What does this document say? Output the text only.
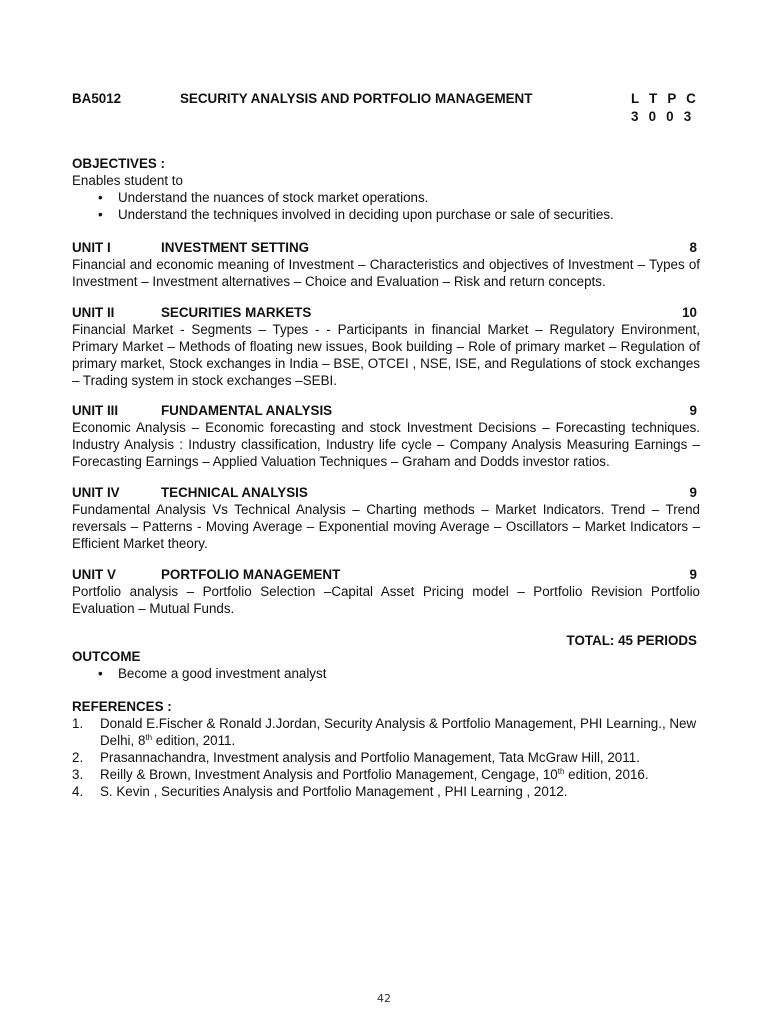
BA5012	SECURITY ANALYSIS AND PORTFOLIO MANAGEMENT	L T P C
3 0 0 3
OBJECTIVES :
Enables student to
• Understand the nuances of stock market operations.
• Understand the techniques involved in deciding upon purchase or sale of securities.
UNIT I	INVESTMENT SETTING	8
Financial and economic meaning of Investment – Characteristics and objectives of Investment – Types of Investment – Investment alternatives – Choice and Evaluation – Risk and return concepts.
UNIT II	SECURITIES MARKETS	10
Financial Market - Segments – Types - - Participants in financial Market – Regulatory Environment, Primary Market – Methods of floating new issues, Book building – Role of primary market – Regulation of primary market, Stock exchanges in India – BSE, OTCEI , NSE, ISE, and Regulations of stock exchanges – Trading system in stock exchanges –SEBI.
UNIT III	FUNDAMENTAL ANALYSIS	9
Economic Analysis – Economic forecasting and stock Investment Decisions – Forecasting techniques. Industry Analysis : Industry classification, Industry life cycle – Company Analysis Measuring Earnings – Forecasting Earnings – Applied Valuation Techniques – Graham and Dodds investor ratios.
UNIT IV	TECHNICAL ANALYSIS	9
Fundamental Analysis Vs Technical Analysis – Charting methods – Market Indicators. Trend – Trend reversals – Patterns - Moving Average – Exponential moving Average – Oscillators – Market Indicators – Efficient Market theory.
UNIT V	PORTFOLIO MANAGEMENT	9
Portfolio analysis – Portfolio Selection –Capital Asset Pricing model – Portfolio Revision Portfolio Evaluation – Mutual Funds.
TOTAL: 45 PERIODS
OUTCOME
• Become a good investment analyst
REFERENCES :
1. Donald E.Fischer & Ronald J.Jordan, Security Analysis & Portfolio Management, PHI Learning., New Delhi, 8th edition, 2011.
2. Prasannachandra, Investment analysis and Portfolio Management, Tata McGraw Hill, 2011.
3. Reilly & Brown, Investment Analysis and Portfolio Management, Cengage, 10th edition, 2016.
4. S. Kevin , Securities Analysis and Portfolio Management , PHI Learning , 2012.
42
